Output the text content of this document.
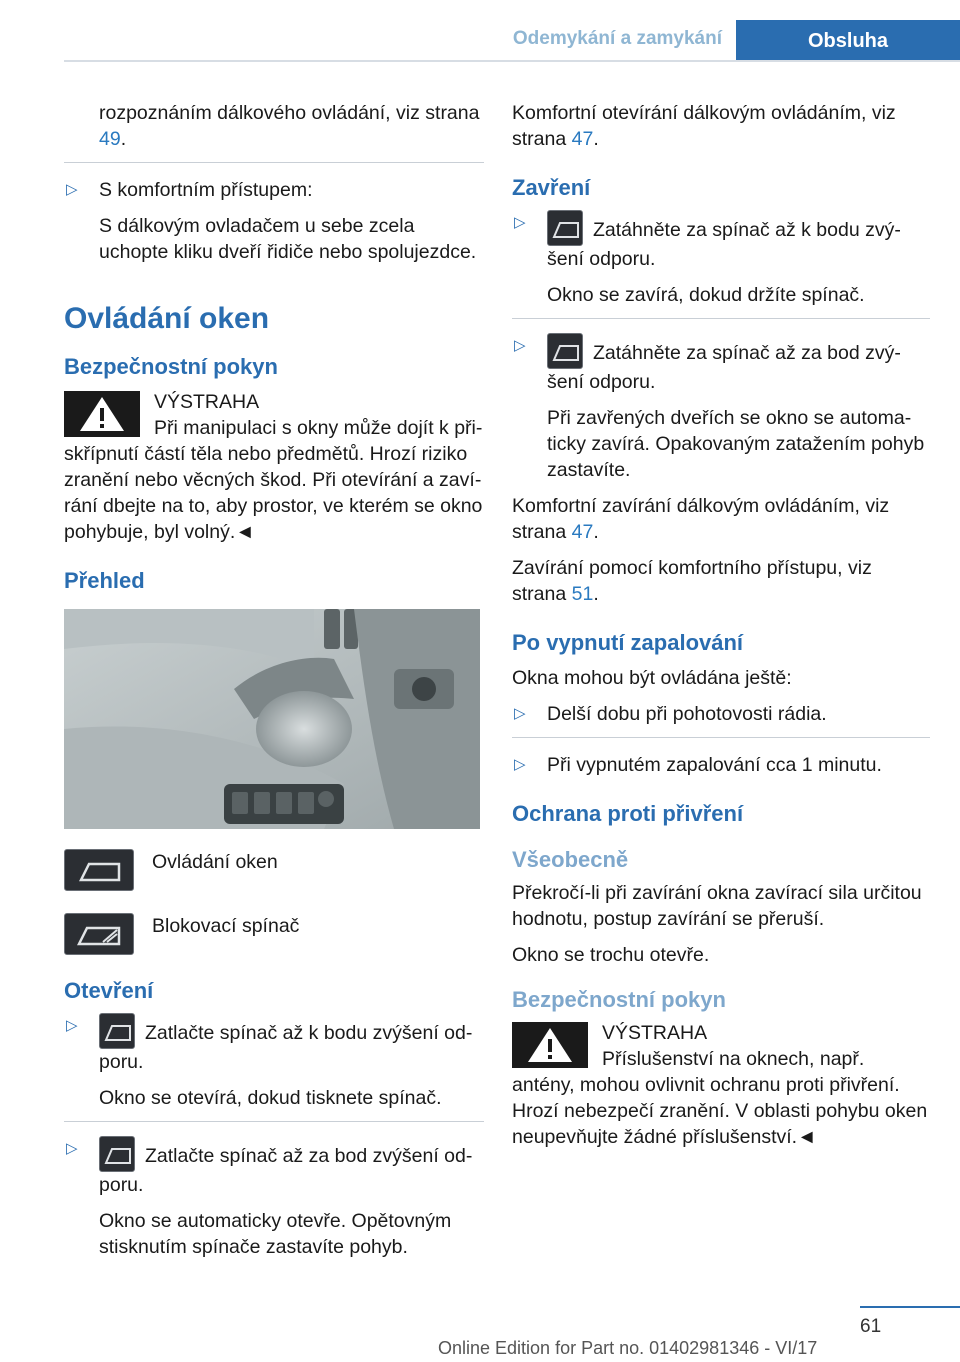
Odemykání a zamykání	Obsluha

rozpoznáním dálkového ovládání, viz strana 49.

▷ S komfortním přístupem:
S dálkovým ovladačem u sebe zcela uchopte kliku dveří řidiče nebo spolujezdce.
Ovládání oken
Bezpečnostní pokyn
VÝSTRAHA
Při manipulaci s okny může dojít k přiskřípnutí částí těla nebo předmětů. Hrozí riziko zranění nebo věcných škod. Při otevírání a zavírání dbejte na to, aby prostor, ve kterém se okno pohybuje, byl volný.◄
Přehled
Ovládání oken
Blokovací spínač
Otevření
▷	Zatlačte spínač až k bodu zvýšení odporu.
Okno se otevírá, dokud tisknete spínač.
▷	Zatlačte spínač až za bod zvýšení odporu.
Okno se automaticky otevře. Opětovným stisknutím spínače zastavíte pohyb.

Komfortní otevírání dálkovým ovládáním, viz strana 47.

Zavření
▷	Zatáhněte za spínač až k bodu zvýšení odporu.
Okno se zavírá, dokud držíte spínač.
▷	Zatáhněte za spínač až za bod zvýšení odporu.
Při zavřených dveřích se okno se automaticky zavírá. Opakovaným zatažením pohyb zastavíte.

Komfortní zavírání dálkovým ovládáním, viz strana 47.

Zavírání pomocí komfortního přístupu, viz strana 51.

Po vypnutí zapalování

Okna mohou být ovládána ještě:

▷ Delší dobu při pohotovosti rádia.
▷ Při vypnutém zapalování cca 1 minutu.
Ochrana proti přivření
Všeobecně

Překročí-li při zavírání okna zavírací sila určitou hodnotu, postup zavírání se přeruší.

Okno se trochu otevře.

Bezpečnostní pokyn
VÝSTRAHA
Příslušenství na oknech, např. antény, mohou ovlivnit ochranu proti přivření. Hrozí nebezpečí zranění. V oblasti pohybu oken neupevňujte žádné příslušenství.◄
61
Online Edition for Part no. 01402981346 - VI/17
